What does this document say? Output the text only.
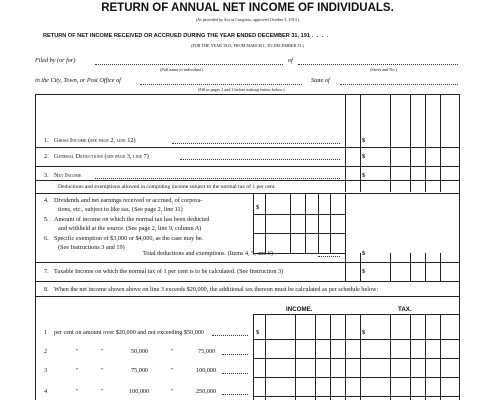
RETURN OF ANNUAL NET INCOME OF INDIVIDUALS.
(As provided by Act of Congress, approved October 3, 1913.)
RETURN OF NET INCOME RECEIVED OR ACCRUED DURING THE YEAR ENDED DECEMBER 31, 191 . . . .
(FOR THE YEAR 1913, FROM MARCH 1, TO DECEMBER 31.)
Filed by (or for)	of
(Full name of individual.)	(Street and No.)
in the City, Town, or Post Office of	State of
(Fill in pages 2 and 3 before making entries below.)
1. Gross Income (see page 2, line 12)	$
2. General Deductions (see page 3, line 7)	$
3. Net Income	$
Deductions and exemptions allowed in computing income subject to the normal tax of 1 per cent.
4. Dividends and net earnings received or accrued, of corpora-
tions, etc., subject to like tax. (See page 2, line 11)	$
5. Amount of income on which the normal tax has been deducted
and withheld at the source. (See page 2, line 9, column A)
6. Specific exemption of $3,000 or $4,000, as the case may be.
(See Instructions 3 and 19)
Total deductions and exemptions. (Items 4, 5, and 6)	$
7. Taxable Income on which the normal tax of 1 per cent is to be calculated. (See Instruction 3)	$
8. When the net income shown above on line 3 exceeds $20,000, the additional tax thereon must be calculated as per schedule below:
INCOME.	TAX.
1 per cent on amount over $20,000 and not exceeding $50,000	$	$
2	"	"	50,000	"	75,000
3	"	"	75,000	"	100,000
4	"	"	100,000	"	250,000
